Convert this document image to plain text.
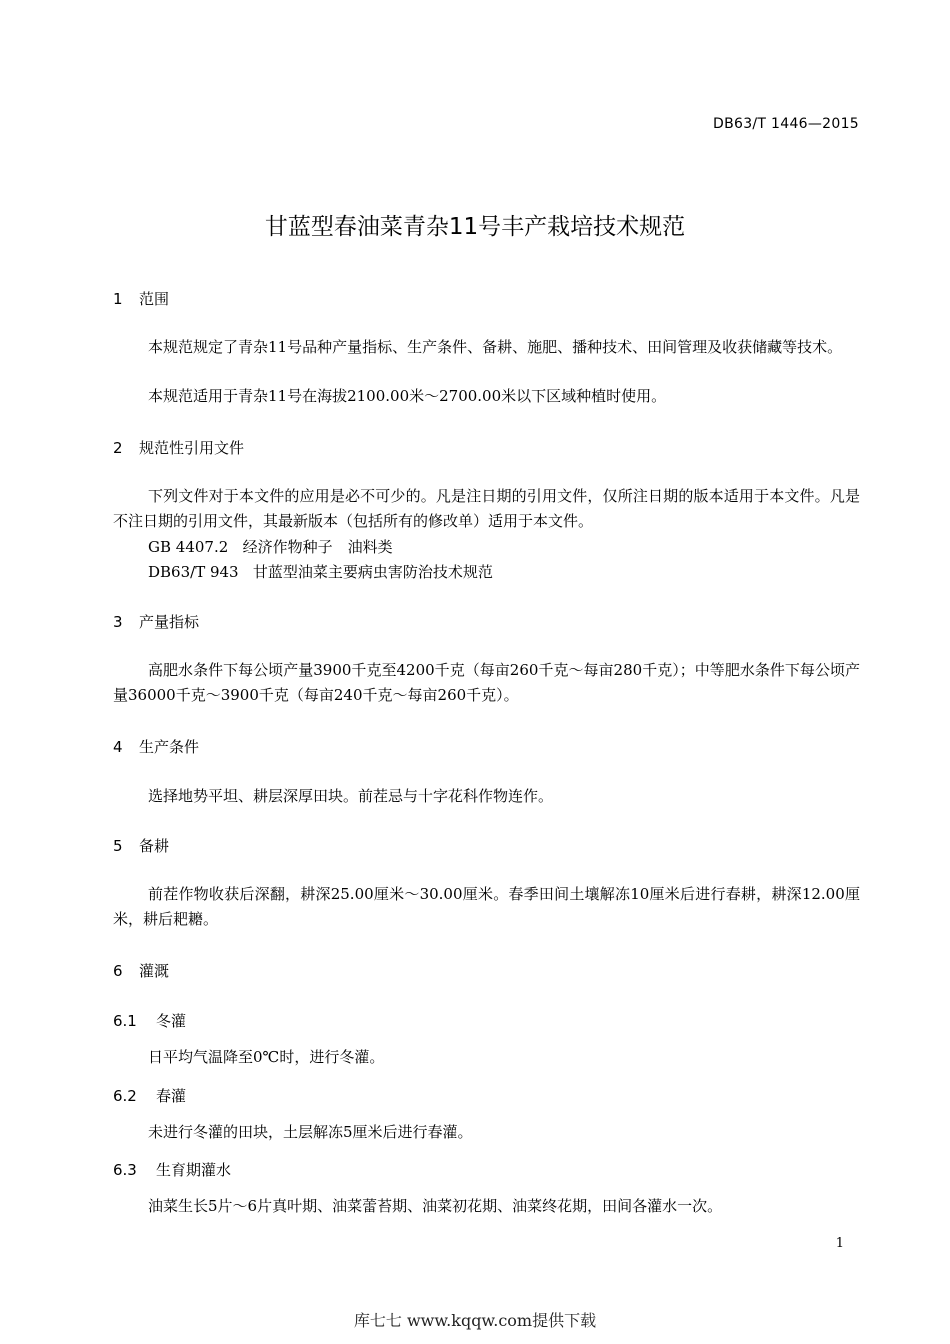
DB63/T 1446—2015
甘蓝型春油菜青杂11号丰产栽培技术规范
1 范围
本规范规定了青杂11号品种产量指标、生产条件、备耕、施肥、播种技术、田间管理及收获储藏等技术。
本规范适用于青杂11号在海拔2100.00米～2700.00米以下区域种植时使用。
2 规范性引用文件
下列文件对于本文件的应用是必不可少的。凡是注日期的引用文件，仅所注日期的版本适用于本文件。凡是不注日期的引用文件，其最新版本（包括所有的修改单）适用于本文件。
GB 4407.2 经济作物种子　油料类
DB63/T 943 甘蓝型油菜主要病虫害防治技术规范
3 产量指标
高肥水条件下每公顷产量3900千克至4200千克（每亩260千克～每亩280千克）；中等肥水条件下每公顷产量36000千克～3900千克（每亩240千克～每亩260千克）。
4 生产条件
选择地势平坦、耕层深厚田块。前茬忌与十字花科作物连作。
5 备耕
前茬作物收获后深翻，耕深25.00厘米～30.00厘米。春季田间土壤解冻10厘米后进行春耕，耕深12.00厘米，耕后耙耱。
6 灌溉
6.1 冬灌
日平均气温降至0℃时，进行冬灌。
6.2 春灌
未进行冬灌的田块，土层解冻5厘米后进行春灌。
6.3 生育期灌水
油菜生长5片～6片真叶期、油菜蕾苔期、油菜初花期、油菜终花期，田间各灌水一次。
1
库七七 www.kqqw.com提供下载
